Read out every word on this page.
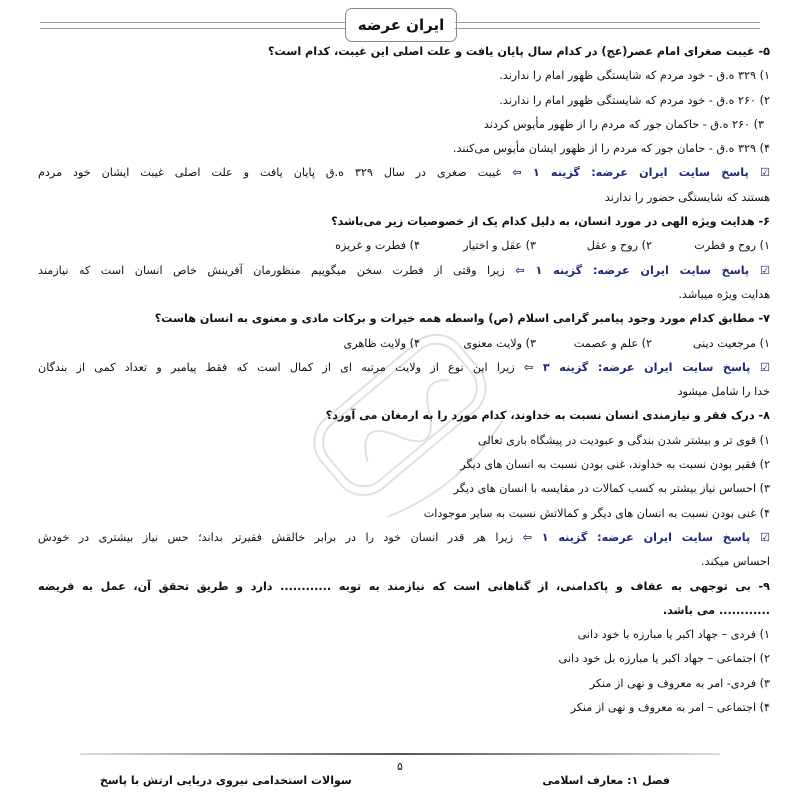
ایران عرضه
۵- غیبت صغرای امام عصر(عج) در کدام سال پایان یافت و علت اصلی این غیبت، کدام است؟
۱) ۳۲۹ ه.ق - خود مردم که شایستگی ظهور امام را ندارند.
۲) ۲۶۰ ه.ق - خود مردم که شایستگی ظهور امام را ندارند.
۳) ۲۶۰ ه.ق - حاکمان جور که مردم را از ظهور مأیوس کردند
۴) ۳۲۹ ه.ق - حامان جور که مردم را از ظهور ایشان مأیوس می‌کنند.
☑ پاسخ سایت ایران عرضه: گزینه ۱ ⇦ غیبت صغری در سال ۳۲۹ ه.ق پایان یافت و علت اصلی غیبت ایشان خود مردم
هستند که شایستگی حضور را ندارند
۶- هدایت ویژه الهی در مورد انسان، به دلیل کدام یک از خصوصیات زیر می‌باشد؟
۱) روح و فطرت
۲) روح و عقل
۳) عقل و اختیار
۴) فطرت و غریزه
☑ پاسخ سایت ایران عرضه: گزینه ۱ ⇦ زیرا وقتی از فطرت سخن میگوییم منظورمان آفرینش خاص انسان است که نیازمند
هدایت ویژه میباشد.
۷- مطابق کدام مورد وجود پیامبر گرامی اسلام (ص) واسطه همه خیرات و برکات مادی و معنوی به انسان هاست؟
۱) مرجعیت دینی
۲) علم و عصمت
۳) ولایت معنوی
۴) ولایت ظاهری
☑ پاسخ سایت ایران عرضه: گزینه ۳ ⇦ زیرا این نوع از ولایت مرتبه ای از کمال است که فقط پیامبر و تعداد کمی از بندگان
خدا را شامل میشود
۸- درک فقر و نیازمندی انسان نسبت به خداوند، کدام مورد را به ارمغان می آورد؟
۱) قوی تر و بیشتر شدن بندگی و عبودیت در پیشگاه باری تعالی
۲) فقیر بودن نسبت به خداوند، غنی بودن نسبت به انسان های دیگر
۳) احساس نیاز بیشتر به کسب کمالات در مقایسه با انسان های دیگر
۴) غنی بودن نسبت به انسان های دیگر و کمالاتش نسبت به سایر موجودات
☑ پاسخ سایت ایران عرضه: گزینه ۱ ⇦ زیرا هر قدر انسان خود را در برابر خالقش فقیرتر بداند؛ حس نیاز بیشتری در خودش
احساس میکند.
۹- بی توجهی به عفاف و پاکدامنی، از گناهانی است که نیازمند به توبه ............ دارد و طریق تحقق آن، عمل به فریضه
............ می باشد.
۱) فردی – جهاد اکبر یا مبارزه با خود دانی
۲) اجتماعی – جهاد اکبر یا مبارزه بل خود دانی
۳) فردی- امر به معروف و نهی از منکر
۴) اجتماعی – امر به معروف و نهی از منکر
۵
فصل ۱: معارف اسلامی
سوالات استخدامی نیروی دریایی ارتش با پاسخ
